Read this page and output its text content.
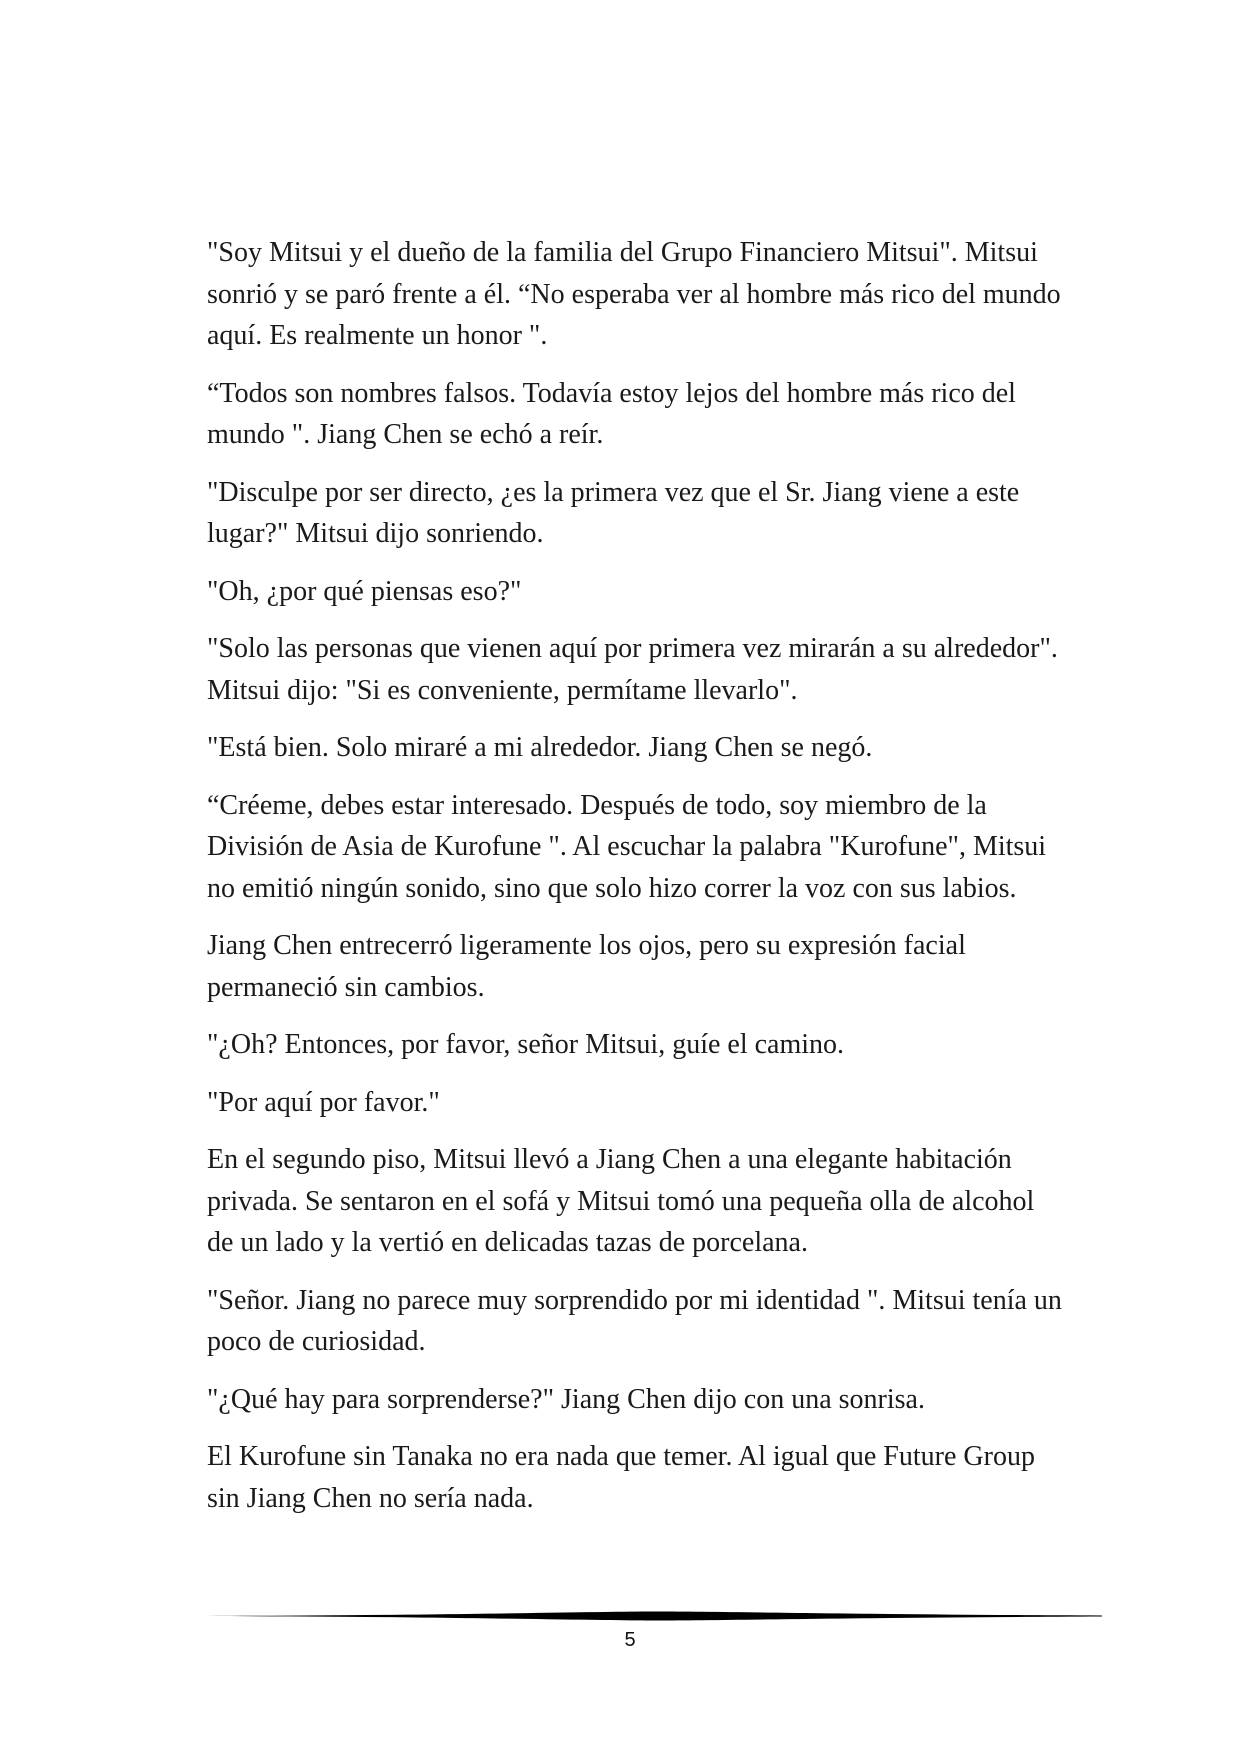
"Soy Mitsui y el dueño de la familia del Grupo Financiero Mitsui". Mitsui sonrió y se paró frente a él. “No esperaba ver al hombre más rico del mundo aquí. Es realmente un honor ".

“Todos son nombres falsos. Todavía estoy lejos del hombre más rico del mundo ". Jiang Chen se echó a reír.

"Disculpe por ser directo, ¿es la primera vez que el Sr. Jiang viene a este lugar?" Mitsui dijo sonriendo.

"Oh, ¿por qué piensas eso?"

"Solo las personas que vienen aquí por primera vez mirarán a su alrededor". Mitsui dijo: "Si es conveniente, permítame llevarlo".

"Está bien. Solo miraré a mi alrededor. Jiang Chen se negó.

“Créeme, debes estar interesado. Después de todo, soy miembro de la División de Asia de Kurofune ". Al escuchar la palabra "Kurofune", Mitsui no emitió ningún sonido, sino que solo hizo correr la voz con sus labios.

Jiang Chen entrecerró ligeramente los ojos, pero su expresión facial permaneció sin cambios.

"¿Oh? Entonces, por favor, señor Mitsui, guíe el camino.

"Por aquí por favor."

En el segundo piso, Mitsui llevó a Jiang Chen a una elegante habitación privada. Se sentaron en el sofá y Mitsui tomó una pequeña olla de alcohol de un lado y la vertió en delicadas tazas de porcelana.

"Señor. Jiang no parece muy sorprendido por mi identidad ". Mitsui tenía un poco de curiosidad.

"¿Qué hay para sorprenderse?" Jiang Chen dijo con una sonrisa.

El Kurofune sin Tanaka no era nada que temer. Al igual que Future Group sin Jiang Chen no sería nada.

5
